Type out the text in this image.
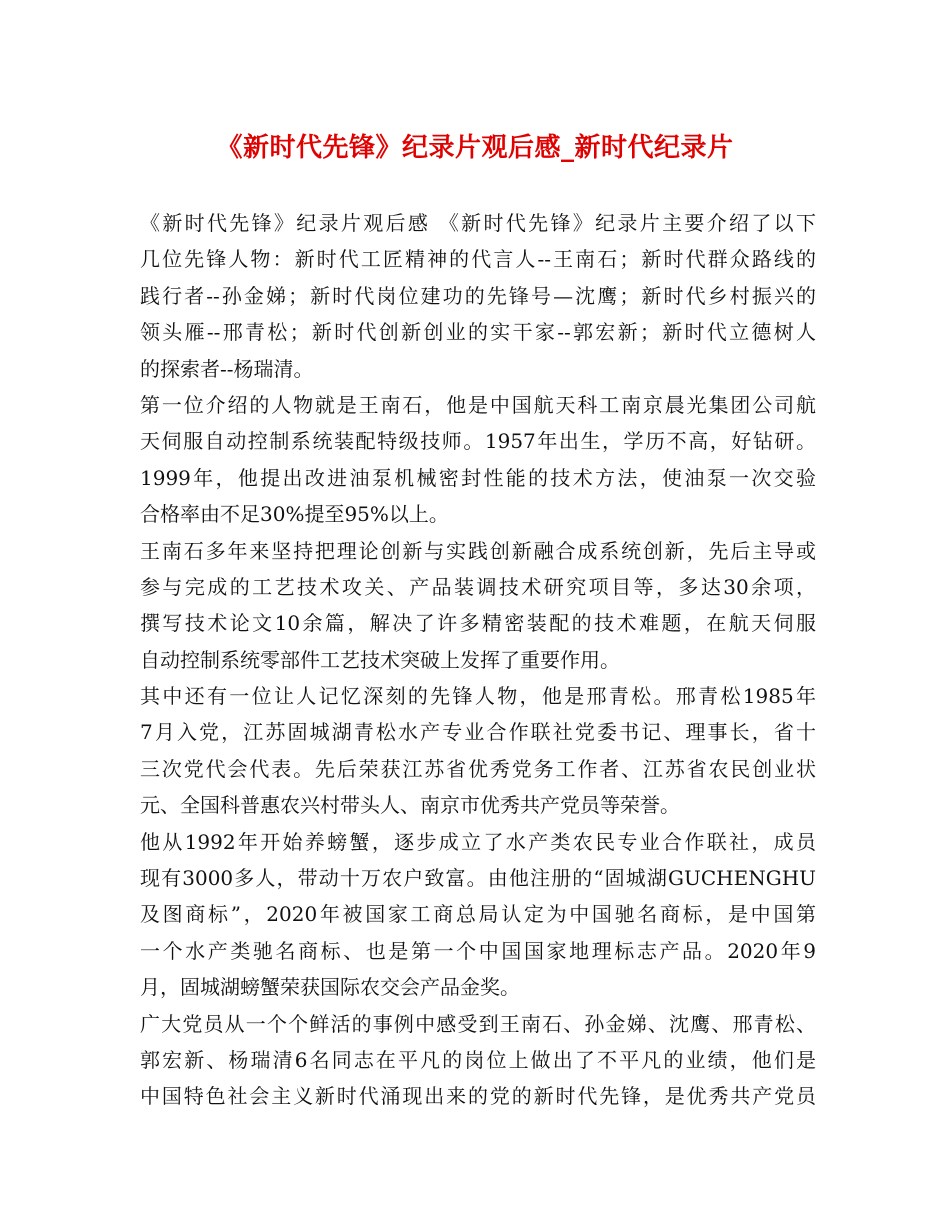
《新时代先锋》纪录片观后感_新时代纪录片
《新时代先锋》纪录片观后感 《新时代先锋》纪录片主要介绍了以下
几位先锋人物：新时代工匠精神的代言人--王南石；新时代群众路线的
践行者--孙金娣；新时代岗位建功的先锋号—沈鹰；新时代乡村振兴的
领头雁--邢青松；新时代创新创业的实干家--郭宏新；新时代立德树人
的探索者--杨瑞清。
第一位介绍的人物就是王南石，他是中国航天科工南京晨光集团公司航
天伺服自动控制系统装配特级技师。1957年出生，学历不高，好钻研。
1999年，他提出改进油泵机械密封性能的技术方法，使油泵一次交验
合格率由不足30%提至95%以上。
王南石多年来坚持把理论创新与实践创新融合成系统创新，先后主导或
参与完成的工艺技术攻关、产品装调技术研究项目等，多达30余项，
撰写技术论文10余篇，解决了许多精密装配的技术难题，在航天伺服
自动控制系统零部件工艺技术突破上发挥了重要作用。
其中还有一位让人记忆深刻的先锋人物，他是邢青松。邢青松1985年
7月入党，江苏固城湖青松水产专业合作联社党委书记、理事长，省十
三次党代会代表。先后荣获江苏省优秀党务工作者、江苏省农民创业状
元、全国科普惠农兴村带头人、南京市优秀共产党员等荣誉。
他从1992年开始养螃蟹，逐步成立了水产类农民专业合作联社，成员
现有3000多人，带动十万农户致富。由他注册的“固城湖GUCHENGHU
及图商标”，2020年被国家工商总局认定为中国驰名商标，是中国第
一个水产类驰名商标、也是第一个中国国家地理标志产品。2020年9
月，固城湖螃蟹荣获国际农交会产品金奖。
广大党员从一个个鲜活的事例中感受到王南石、孙金娣、沈鹰、邢青松、
郭宏新、杨瑞清6名同志在平凡的岗位上做出了不平凡的业绩，他们是
中国特色社会主义新时代涌现出来的党的新时代先锋，是优秀共产党员
